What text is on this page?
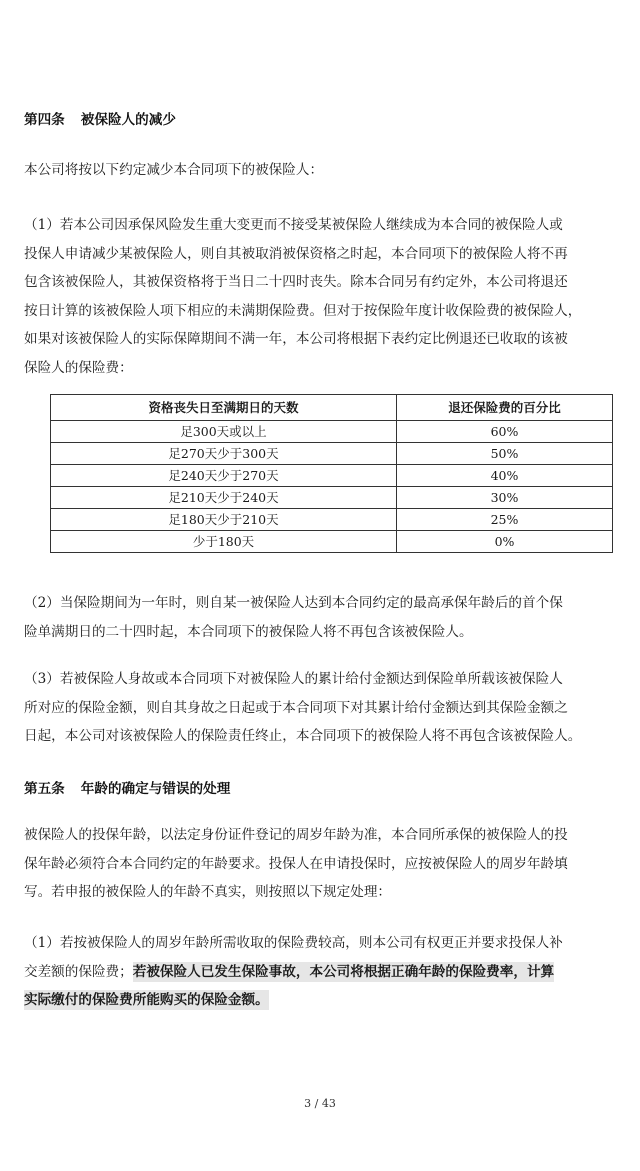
第四条 被保险人的减少
本公司将按以下约定减少本合同项下的被保险人：
（1）若本公司因承保风险发生重大变更而不接受某被保险人继续成为本合同的被保险人或
投保人申请减少某被保险人，则自其被取消被保资格之时起，本合同项下的被保险人将不再
包含该被保险人，其被保资格将于当日二十四时丧失。除本合同另有约定外，本公司将退还
按日计算的该被保险人项下相应的未满期保险费。但对于按保险年度计收保险费的被保险人，
如果对该被保险人的实际保障期间不满一年，本公司将根据下表约定比例退还已收取的该被
保险人的保险费：
资格丧失日至满期日的天数	退还保险费的百分比
足300天或以上	60%
足270天少于300天	50%
足240天少于270天	40%
足210天少于240天	30%
足180天少于210天	25%
少于180天	0%
（2）当保险期间为一年时，则自某一被保险人达到本合同约定的最高承保年龄后的首个保
险单满期日的二十四时起，本合同项下的被保险人将不再包含该被保险人。
（3）若被保险人身故或本合同项下对被保险人的累计给付金额达到保险单所载该被保险人
所对应的保险金额，则自其身故之日起或于本合同项下对其累计给付金额达到其保险金额之
日起，本公司对该被保险人的保险责任终止，本合同项下的被保险人将不再包含该被保险人。
第五条 年龄的确定与错误的处理
被保险人的投保年龄，以法定身份证件登记的周岁年龄为准，本合同所承保的被保险人的投
保年龄必须符合本合同约定的年龄要求。投保人在申请投保时，应按被保险人的周岁年龄填
写。若申报的被保险人的年龄不真实，则按照以下规定处理：
（1）若按被保险人的周岁年龄所需收取的保险费较高，则本公司有权更正并要求投保人补
交差额的保险费；若被保险人已发生保险事故，本公司将根据正确年龄的保险费率，计算
实际缴付的保险费所能购买的保险金额。
3 / 43
